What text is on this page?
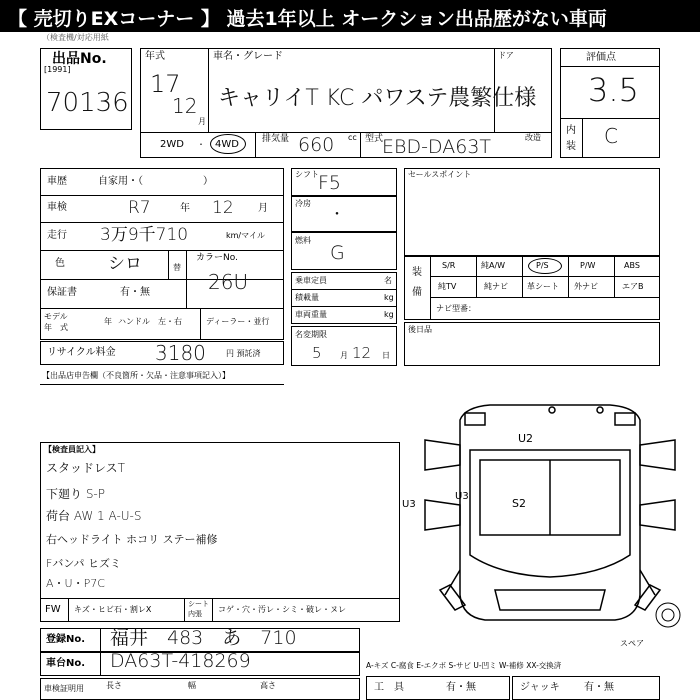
【 売切りEXコーナー 】 過去1年以上 オークション出品歴がない車両
（検査機/対応用紙
出品No.
[1991]
70136
年式
17
12
月
車名・グレード
キャリイT KC パワステ農繁仕様
ドア
2WD ・ 4WD	排気量 660 cc 型式	改造
EBD-DA63T
評価点
3.5
内
装 C
車歴	自家用・（　　　　　　）
車検	R7	年 12 月
走行 3万9千710	km/マイル
色	シロ	替
カラーNo.
26U
保証書	有・無
モデル
年　式
年 ハンドル　左・右	ディーラー・並行
リサイクル料金 3180	円 預託済
シフト F5
冷房
・
燃料
G
乗車定員	名
積載量	kg
車両重量	kg
名変期限
5 月 12 日
セールスポイント
装
備
S/R	純A/W	P/S	P/W	ABS
純TV	純ナビ 革シート 外ナビ	エアB
ナビ型番：
後日品
【出品店申告欄（不良箇所・欠品・注意事項記入）】
【検査員記入】
スタッドレスT
下廻り S-P
荷台 AW 1 A-U-S
右ヘッドライト ホコリ ステー補修
Fバンパ ヒズミ
A・U・P7C
FW キズ・ヒビ石・割レX
シート
内張 コゲ・穴・汚レ・シミ・破レ・ヌレ
U2
U3
U3
S2
スペア
登録No. 福井　483　あ　710
車台No. DA63T-418269
車検証明用	長さ	幅	高さ
A-キズ C-腐食 E-エクボ S-サビ U-凹ミ W-補修 XX-交換済
工　具	有・無	ジャッキ 有・無
